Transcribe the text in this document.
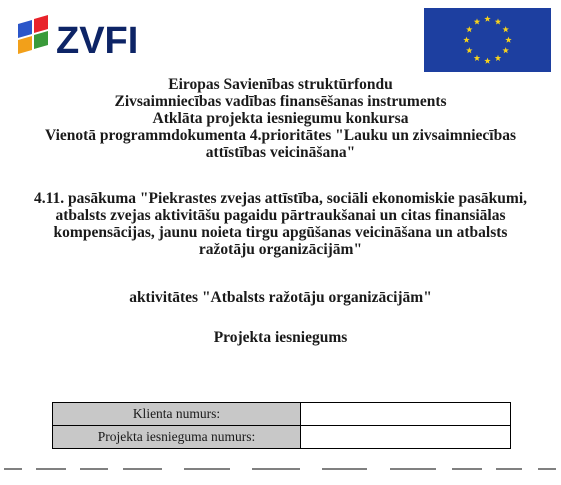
ZVFI
Eiropas Savienības struktūrfondu
Zivsaimniecības vadības finansēšanas instruments
Atklāta projekta iesniegumu konkursa
Vienotā programmdokumenta 4.prioritātes "Lauku un zivsaimniecības
attīstības veicināšana"
4.11. pasākuma "Piekrastes zvejas attīstība, sociāli ekonomiskie pasākumi,
atbalsts zvejas aktivitāšu pagaidu pārtraukšanai un citas finansiālas
kompensācijas, jaunu noieta tirgu apgūšanas veicināšana un atbalsts
ražotāju organizācijām"
aktivitātes "Atbalsts ražotāju organizācijām"
Projekta iesniegums
Klienta numurs:	
Projekta iesnieguma numurs:	
